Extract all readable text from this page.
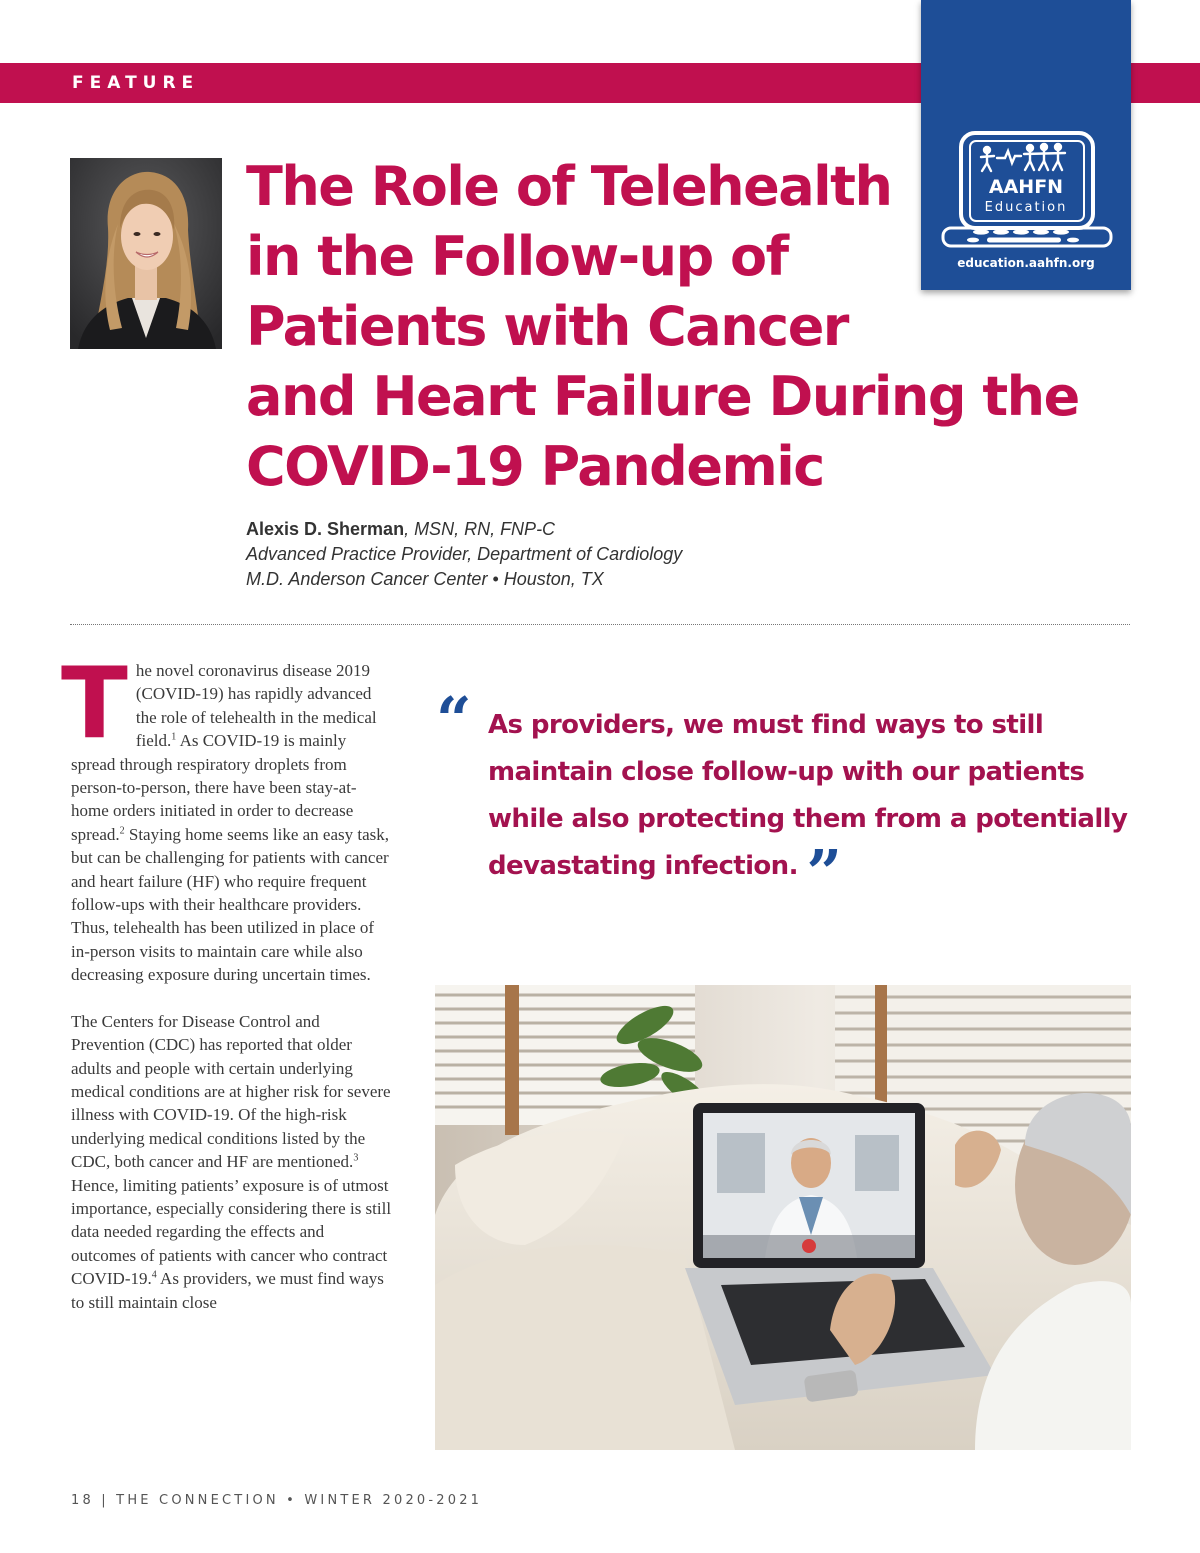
FEATURE
AAHFN
Education
education.aahfn.org
The Role of Telehealth
in the Follow-up of
Patients with Cancer
and Heart Failure During the
COVID-19 Pandemic
Alexis D. Sherman, MSN, RN, FNP-C
Advanced Practice Provider, Department of Cardiology
M.D. Anderson Cancer Center • Houston, TX

The novel coronavirus disease 2019 (COVID-19) has rapidly advanced the role of telehealth in the medical field.$^1$ As COVID-19 is mainly spread through respiratory droplets from person-to-person, there have been stay-at-home orders initiated in order to decrease spread.$^2$ Staying home seems like an easy task, but can be challenging for patients with cancer and heart failure (HF) who require frequent follow-ups with their healthcare providers. Thus, telehealth has been utilized in place of in-person visits to maintain care while also decreasing exposure during uncertain times.

The Centers for Disease Control and Prevention (CDC) has reported that older adults and people with certain underlying medical conditions are at higher risk for severe illness with COVID-19. Of the high-risk underlying medical conditions listed by the CDC, both cancer and HF are mentioned.$^3$ Hence, limiting patients’ exposure is of utmost importance, especially considering there is still data needed regarding the effects and outcomes of patients with cancer who contract COVID-19.$^4$ As providers, we must find ways to still maintain close

“ As providers, we must find ways to still maintain close follow-up with our patients while also protecting them from a potentially devastating infection. ”
18 | THE CONNECTION • WINTER 2020-2021
